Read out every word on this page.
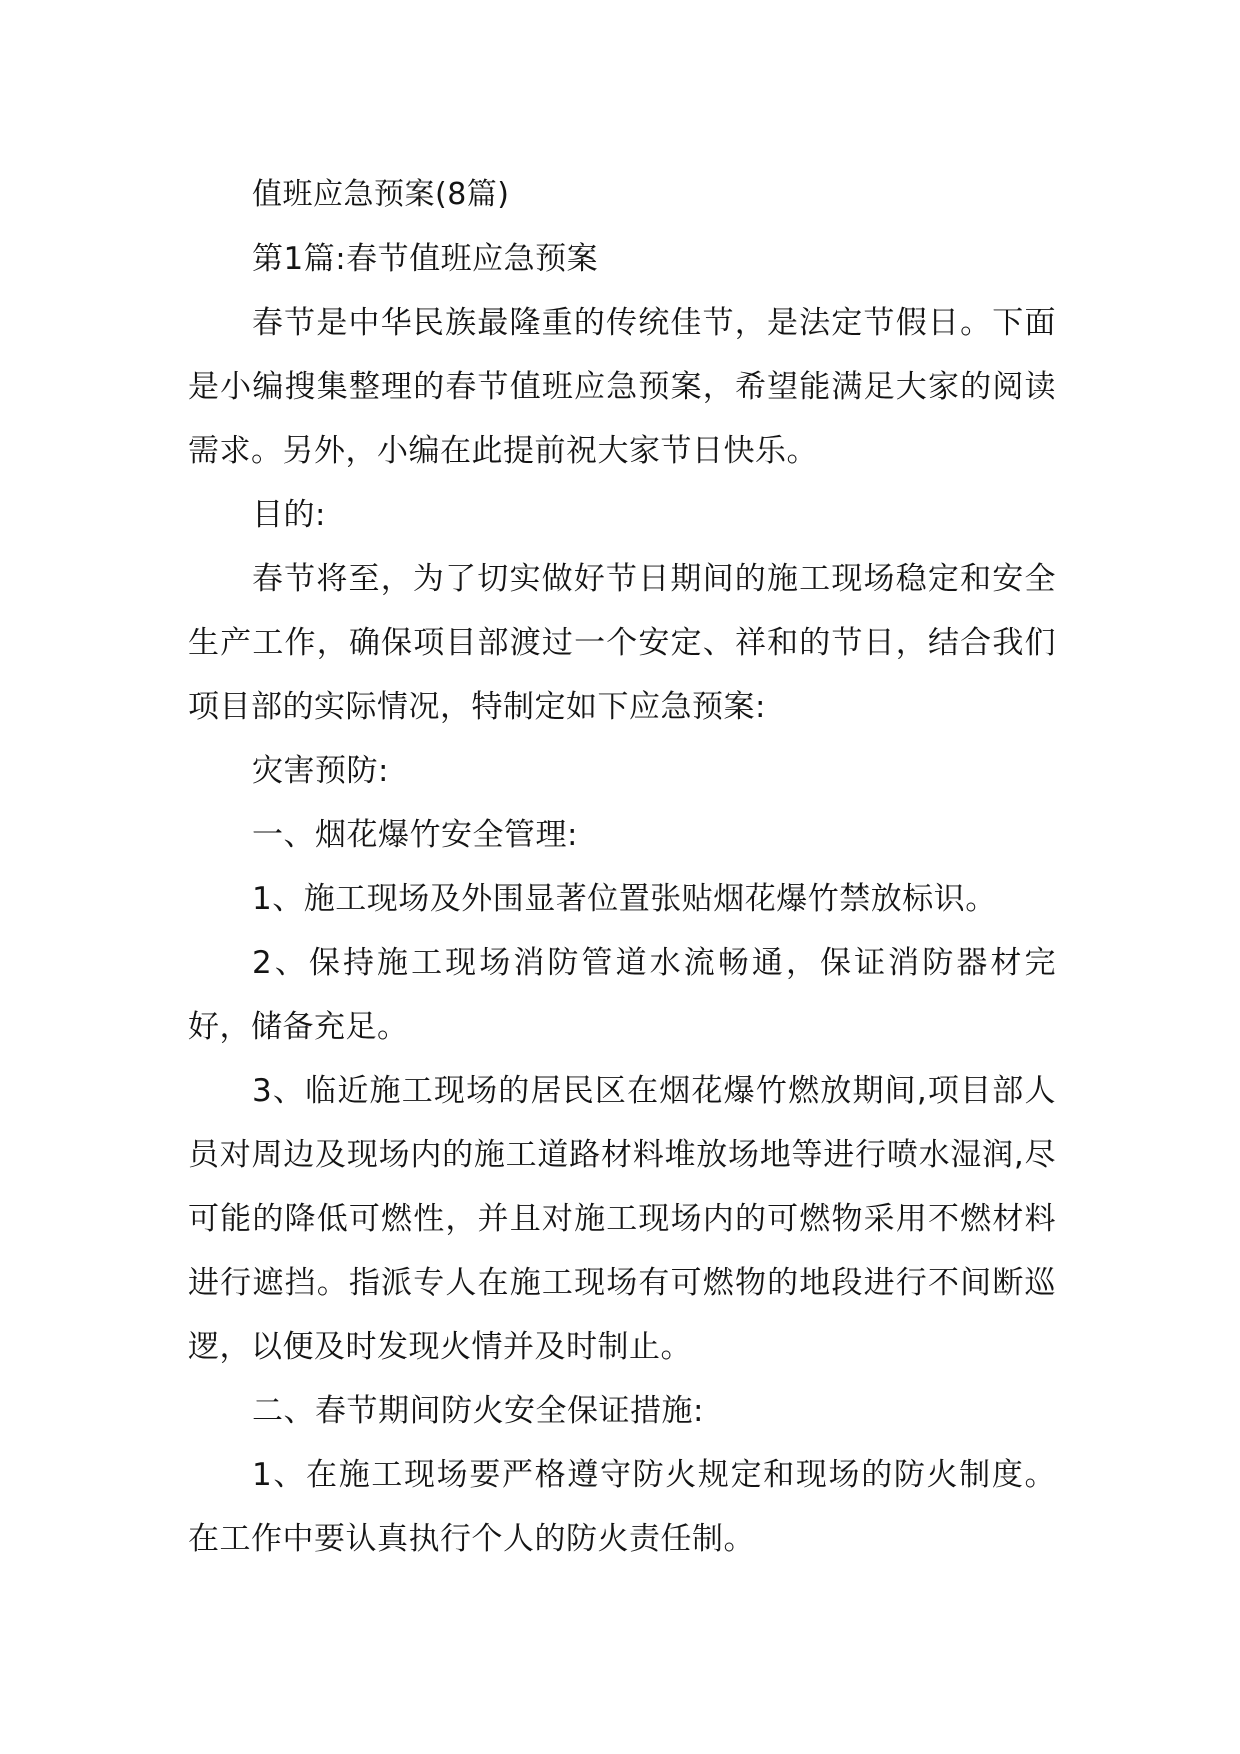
值班应急预案(8篇)

第1篇:春节值班应急预案

春节是中华民族最隆重的传统佳节，是法定节假日。下面是小编搜集整理的春节值班应急预案，希望能满足大家的阅读需求。另外，小编在此提前祝大家节日快乐。

目的:

春节将至，为了切实做好节日期间的施工现场稳定和安全生产工作，确保项目部渡过一个安定、祥和的节日，结合我们项目部的实际情况，特制定如下应急预案:

灾害预防:

一、烟花爆竹安全管理:

1、施工现场及外围显著位置张贴烟花爆竹禁放标识。

2、保持施工现场消防管道水流畅通，保证消防器材完好，储备充足。

3、临近施工现场的居民区在烟花爆竹燃放期间,项目部人员对周边及现场内的施工道路材料堆放场地等进行喷水湿润,尽可能的降低可燃性，并且对施工现场内的可燃物采用不燃材料进行遮挡。指派专人在施工现场有可燃物的地段进行不间断巡逻，以便及时发现火情并及时制止。

二、春节期间防火安全保证措施:

1、在施工现场要严格遵守防火规定和现场的防火制度。在工作中要认真执行个人的防火责任制。
